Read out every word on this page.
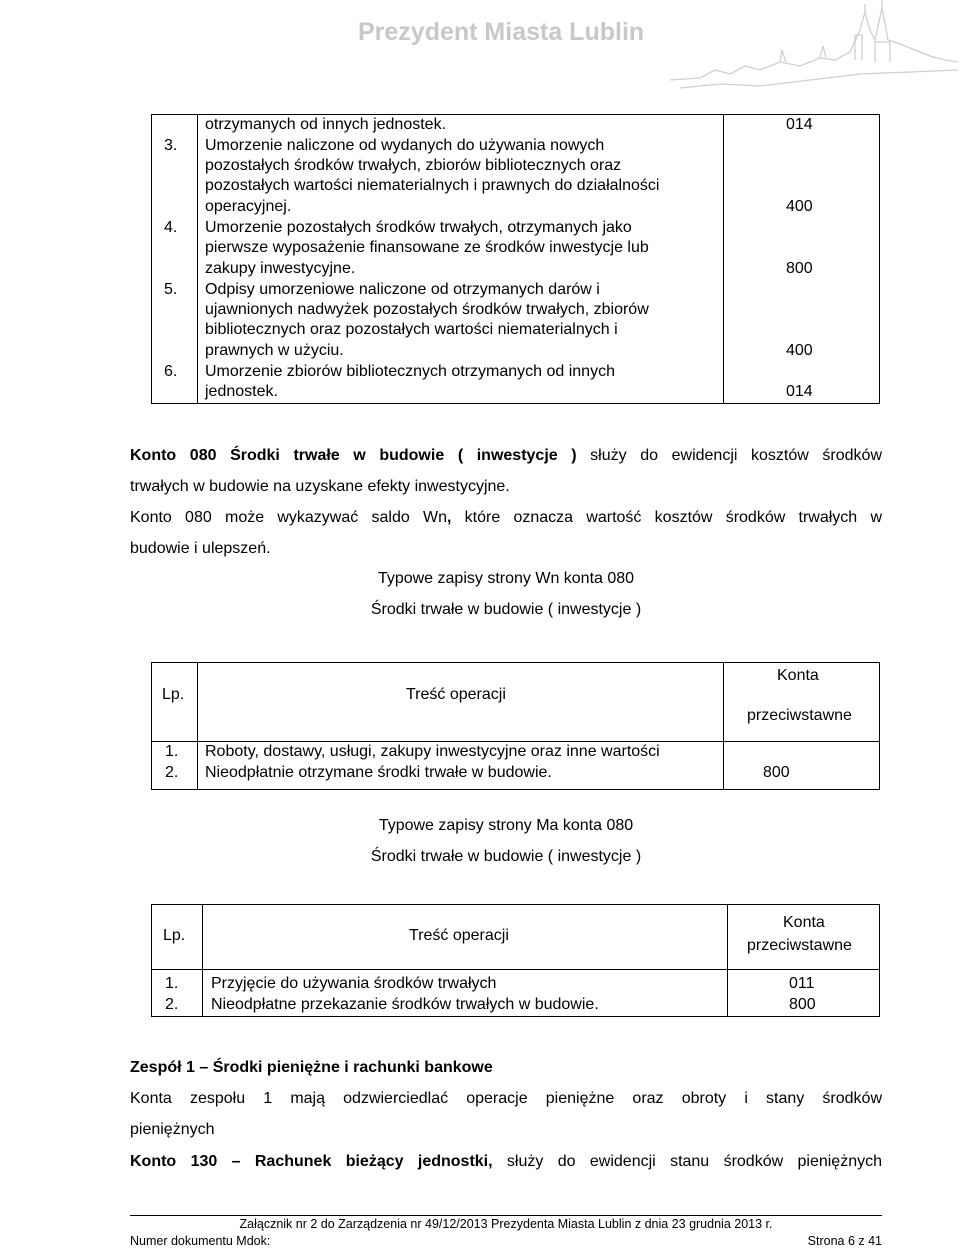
Prezydent Miasta Lublin
otrzymanych od innych jednostek.	014
3. Umorzenie naliczone od wydanych do używania nowych
pozostałych środków trwałych, zbiorów bibliotecznych oraz
pozostałych wartości niematerialnych i prawnych do działalności
operacyjnej.	400
4. Umorzenie pozostałych środków trwałych, otrzymanych jako
pierwsze wyposażenie finansowane ze środków inwestycje lub
zakupy inwestycyjne.	800
5. Odpisy umorzeniowe naliczone od otrzymanych darów i
ujawnionych nadwyżek pozostałych środków trwałych, zbiorów
bibliotecznych oraz pozostałych wartości niematerialnych i
prawnych w użyciu.	400
6. Umorzenie zbiorów bibliotecznych otrzymanych od innych
jednostek.	014
Konto 080 Środki trwałe w budowie ( inwestycje ) służy do ewidencji kosztów środków
trwałych w budowie na uzyskane efekty inwestycyjne.
Konto 080 może wykazywać saldo Wn, które oznacza wartość kosztów środków trwałych w
budowie i ulepszeń.
Typowe zapisy strony Wn konta 080
Środki trwałe w budowie ( inwestycje )
Lp.	Treść operacji
Konta
przeciwstawne
1. Roboty, dostawy, usługi, zakupy inwestycyjne oraz inne wartości
2. Nieodpłatnie otrzymane środki trwałe w budowie.	800
Typowe zapisy strony Ma konta 080
Środki trwałe w budowie ( inwestycje )
Lp.	Treść operacji
Konta
przeciwstawne
1. Przyjęcie do używania środków trwałych	011
2. Nieodpłatne przekazanie środków trwałych w budowie.	800
Zespół 1 – Środki pieniężne i rachunki bankowe
Konta zespołu 1 mają odzwierciedlać operacje pieniężne oraz obroty i stany środków
pieniężnych
Konto 130 – Rachunek bieżący jednostki, służy do ewidencji stanu środków pieniężnych
Załącznik nr 2 do Zarządzenia nr 49/12/2013 Prezydenta Miasta Lublin z dnia 23 grudnia 2013 r.
Numer dokumentu Mdok:	Strona 6 z 41
